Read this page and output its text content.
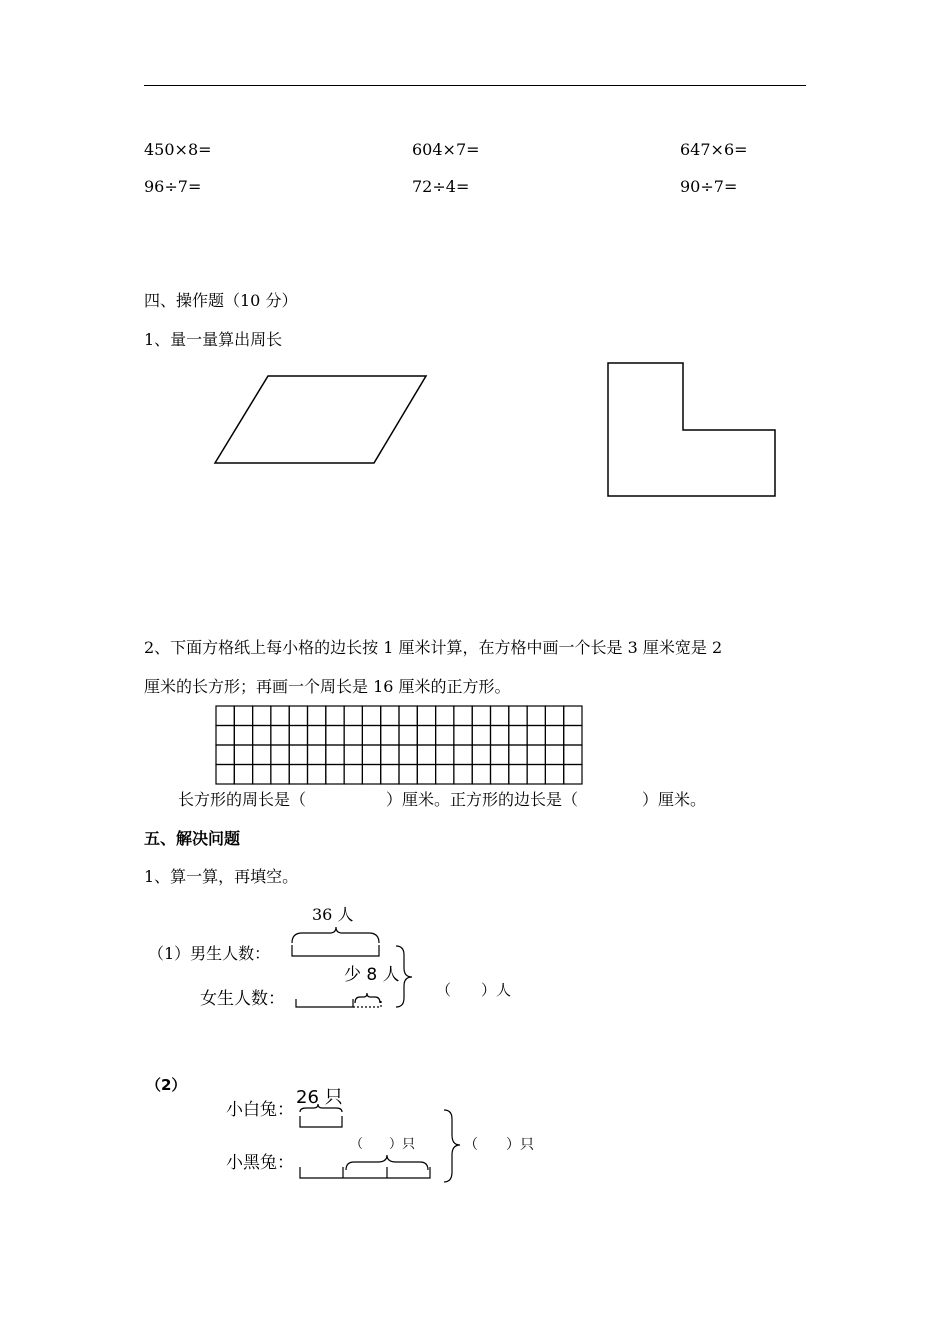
450×8=	604×7=	647×6=
96÷7=	72÷4=	90÷7=
四、操作题（10 分）
1、量一量算出周长
2、下面方格纸上每小格的边长按 1 厘米计算，在方格中画一个长是 3 厘米宽是 2
厘米的长方形；再画一个周长是 16 厘米的正方形。
长方形的周长是（　　　　　）厘米。正方形的边长是（　　　　）厘米。
五、解决问题
1、算一算，再填空。
36 人
（1）男生人数：
少 8 人
女生人数：	（　　）人
（2）
小白兔：
26 只
小黑兔：
（　　）只	（　　）只
